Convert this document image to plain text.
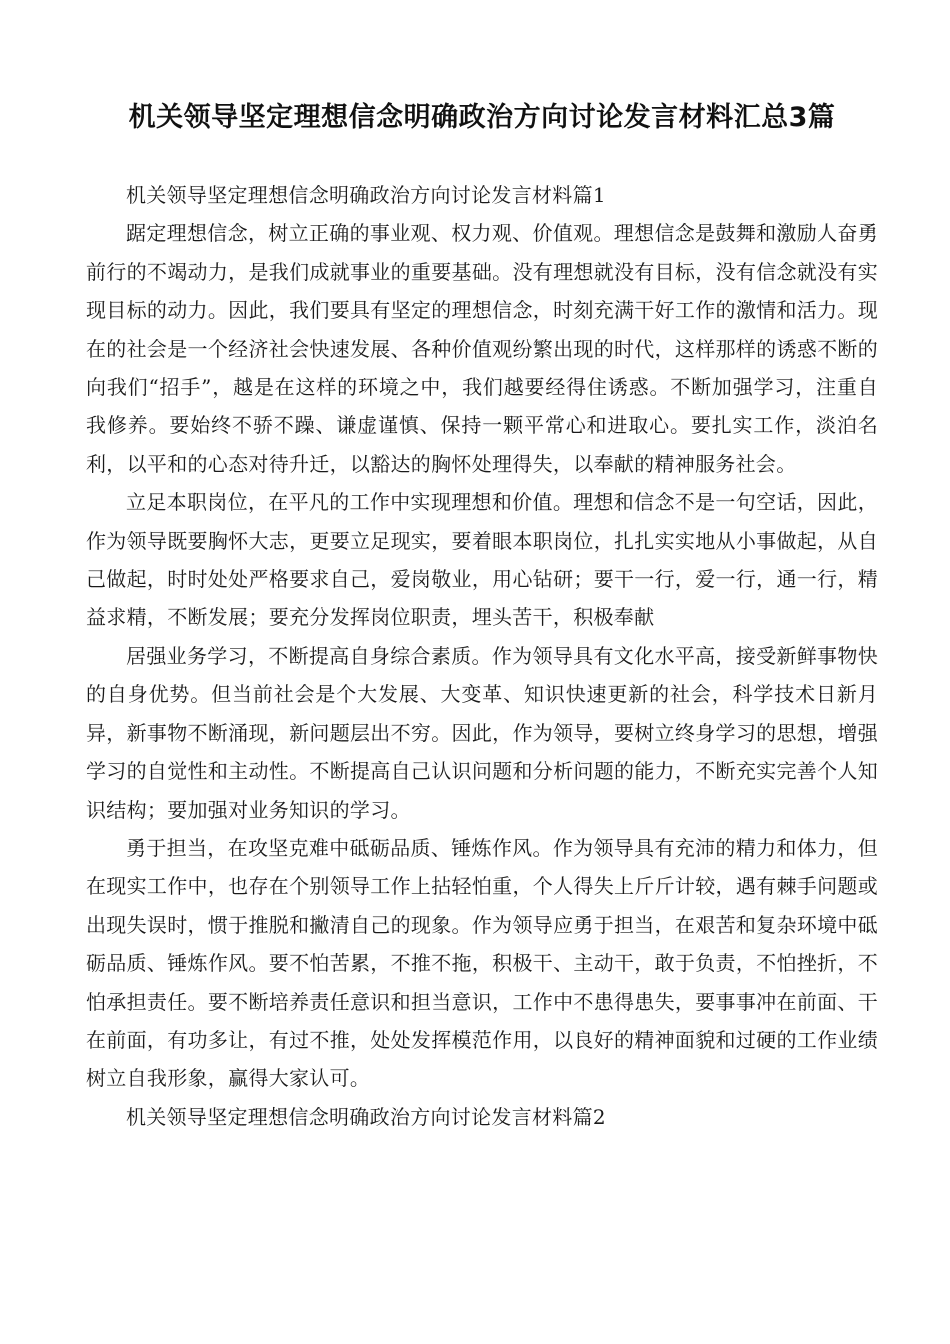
机关领导坚定理想信念明确政治方向讨论发言材料汇总3篇

机关领导坚定理想信念明确政治方向讨论发言材料篇1

踞定理想信念，树立正确的事业观、权力观、价值观。理想信念是鼓舞和激励人奋勇前行的不竭动力，是我们成就事业的重要基础。没有理想就没有目标，没有信念就没有实现目标的动力。因此，我们要具有坚定的理想信念，时刻充满干好工作的激情和活力。现在的社会是一个经济社会快速发展、各种价值观纷繁出现的时代，这样那样的诱惑不断的向我们“招手”，越是在这样的环境之中，我们越要经得住诱惑。不断加强学习，注重自我修养。要始终不骄不躁、谦虚谨慎、保持一颗平常心和进取心。要扎实工作，淡泊名利，以平和的心态对待升迁，以豁达的胸怀处理得失，以奉献的精神服务社会。

立足本职岗位，在平凡的工作中实现理想和价值。理想和信念不是一句空话，因此，作为领导既要胸怀大志，更要立足现实，要着眼本职岗位，扎扎实实地从小事做起，从自己做起，时时处处严格要求自己，爱岗敬业，用心钻研；要干一行，爱一行，通一行，精益求精，不断发展；要充分发挥岗位职责，埋头苦干，积极奉献

居强业务学习，不断提高自身综合素质。作为领导具有文化水平高，接受新鲜事物快的自身优势。但当前社会是个大发展、大变革、知识快速更新的社会，科学技术日新月异，新事物不断涌现，新问题层出不穷。因此，作为领导，要树立终身学习的思想，增强学习的自觉性和主动性。不断提高自己认识问题和分析问题的能力，不断充实完善个人知识结构；要加强对业务知识的学习。

勇于担当，在攻坚克难中砥砺品质、锤炼作风。作为领导具有充沛的精力和体力，但在现实工作中，也存在个别领导工作上拈轻怕重，个人得失上斤斤计较，遇有棘手问题或出现失误时，惯于推脱和撇清自己的现象。作为领导应勇于担当，在艰苦和复杂环境中砥砺品质、锤炼作风。要不怕苦累，不推不拖，积极干、主动干，敢于负责，不怕挫折，不怕承担责任。要不断培养责任意识和担当意识，工作中不患得患失，要事事冲在前面、干在前面，有功多让，有过不推，处处发挥模范作用，以良好的精神面貌和过硬的工作业绩树立自我形象，赢得大家认可。

机关领导坚定理想信念明确政治方向讨论发言材料篇2
